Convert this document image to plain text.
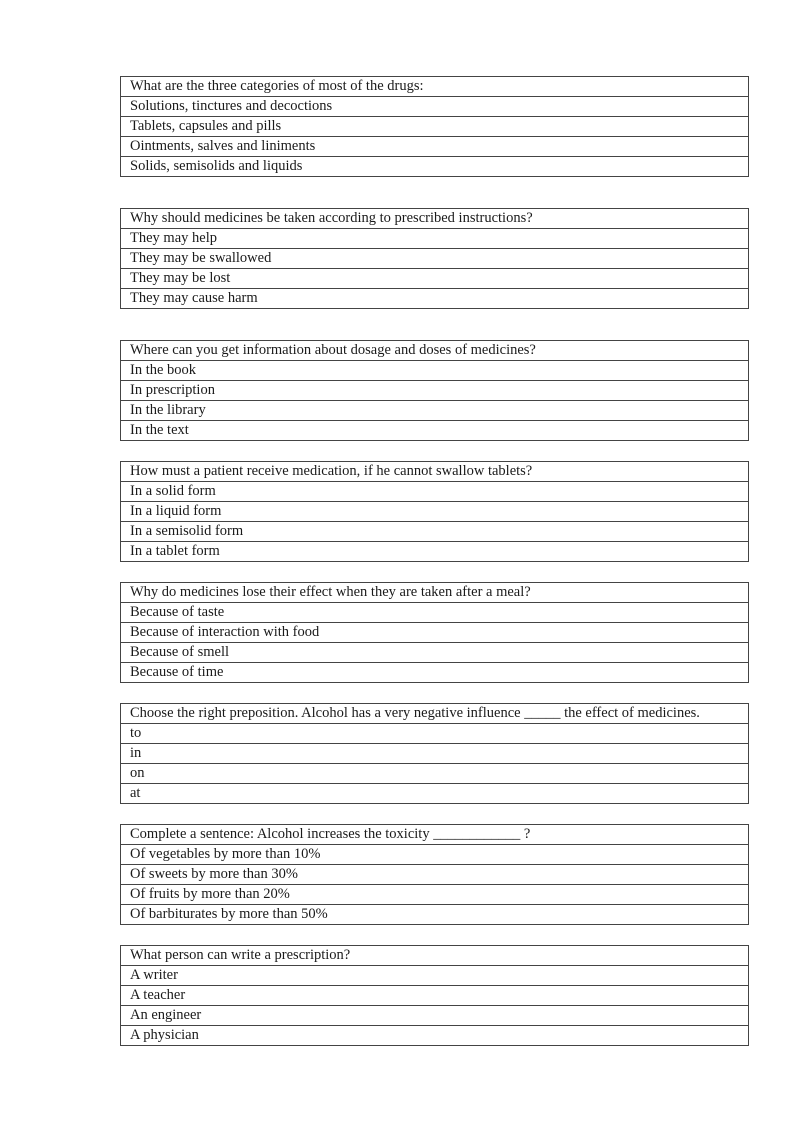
What are the three categories of most of the drugs:
Solutions, tinctures and decoctions
Tablets, capsules and pills
Ointments, salves and liniments
Solids, semisolids and liquids
Why should medicines be taken according to prescribed instructions?
They may help
They may be swallowed
They may be lost
They may cause harm
Where can you get information about dosage and doses of medicines?
In the book
In prescription
In the library
In the text
How must a patient receive medication, if he cannot swallow tablets?
In a solid form
In a liquid form
In a semisolid form
In a tablet form
Why do medicines lose their effect when they are taken after a meal?
Because of taste
Because of interaction with food
Because of smell
Because of time
Choose the right preposition. Alcohol has a very negative influence _____ the effect of medicines.
to
in
on
at
Complete a sentence: Alcohol increases the toxicity ____________ ?
Of vegetables by more than 10%
Of sweets by more than 30%
Of fruits by more than 20%
Of barbiturates by more than 50%
What person can write a prescription?
A writer
A teacher
An engineer
A physician
